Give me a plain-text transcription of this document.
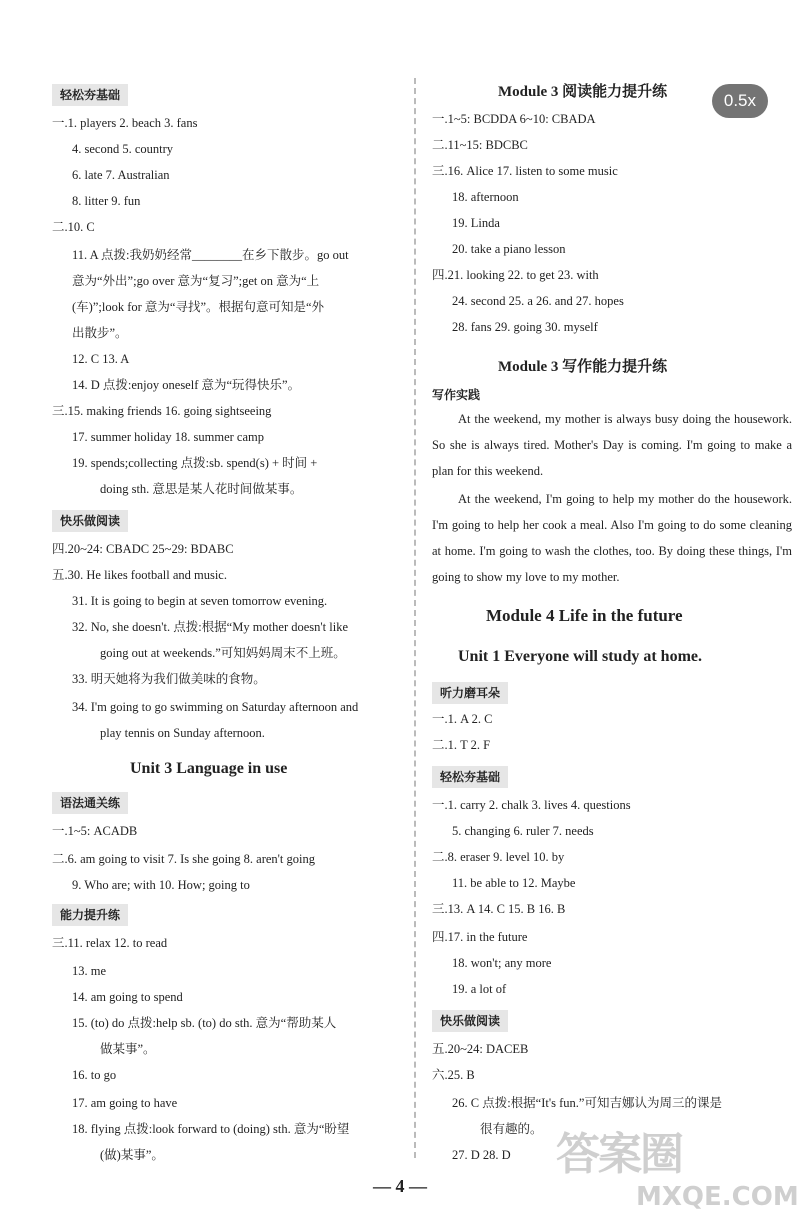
轻松夯基础
一.1. players 2. beach 3. fans
4. second 5. country
6. late 7. Australian
8. litter 9. fun
二.10. C
11. A 点拨:我奶奶经常________在乡下散步。go out
意为“外出”;go over 意为“复习”;get on 意为“上
(车)”;look for 意为“寻找”。根据句意可知是“外
出散步”。
12. C 13. A
14. D 点拨:enjoy oneself 意为“玩得快乐”。
三.15. making friends 16. going sightseeing
17. summer holiday 18. summer camp
19. spends;collecting 点拨:sb. spend(s) + 时间 +
doing sth. 意思是某人花时间做某事。
快乐做阅读
四.20~24: CBADC 25~29: BDABC
五.30. He likes football and music.
31. It is going to begin at seven tomorrow evening.
32. No, she doesn't. 点拨:根据“My mother doesn't like
going out at weekends.”可知妈妈周末不上班。
33. 明天她将为我们做美味的食物。
34. I'm going to go swimming on Saturday afternoon and
play tennis on Sunday afternoon.
Unit 3 Language in use
语法通关练
一.1~5: ACADB
二.6. am going to visit 7. Is she going 8. aren't going
9. Who are; with 10. How; going to
能力提升练
三.11. relax 12. to read
13. me
14. am going to spend
15. (to) do 点拨:help sb. (to) do sth. 意为“帮助某人
做某事”。
16. to go
17. am going to have
18. flying 点拨:look forward to (doing) sth. 意为“盼望
(做)某事”。
Module 3 阅读能力提升练
一.1~5: BCDDA 6~10: CBADA
二.11~15: BDCBC
三.16. Alice 17. listen to some music
18. afternoon
19. Linda
20. take a piano lesson
四.21. looking 22. to get 23. with
24. second 25. a 26. and 27. hopes
28. fans 29. going 30. myself
Module 3 写作能力提升练
写作实践
At the weekend, my mother is always busy doing the housework. So she is always tired. Mother's Day is coming. I'm going to make a plan for this weekend.
At the weekend, I'm going to help my mother do the housework. I'm going to help her cook a meal. Also I'm going to do some cleaning at home. I'm going to wash the clothes, too. By doing these things, I'm going to show my love to my mother.
Module 4 Life in the future
Unit 1 Everyone will study at home.
听力磨耳朵
一.1. A 2. C
二.1. T 2. F
轻松夯基础
一.1. carry 2. chalk 3. lives 4. questions
5. changing 6. ruler 7. needs
二.8. eraser 9. level 10. by
11. be able to 12. Maybe
三.13. A 14. C 15. B 16. B
四.17. in the future
18. won't; any more
19. a lot of
快乐做阅读
五.20~24: DACEB
六.25. B
26. C 点拨:根据“It's fun.”可知吉娜认为周三的课是
很有趣的。
27. D 28. D
0.5x
— 4 —
答案圈
MXQE.COM
